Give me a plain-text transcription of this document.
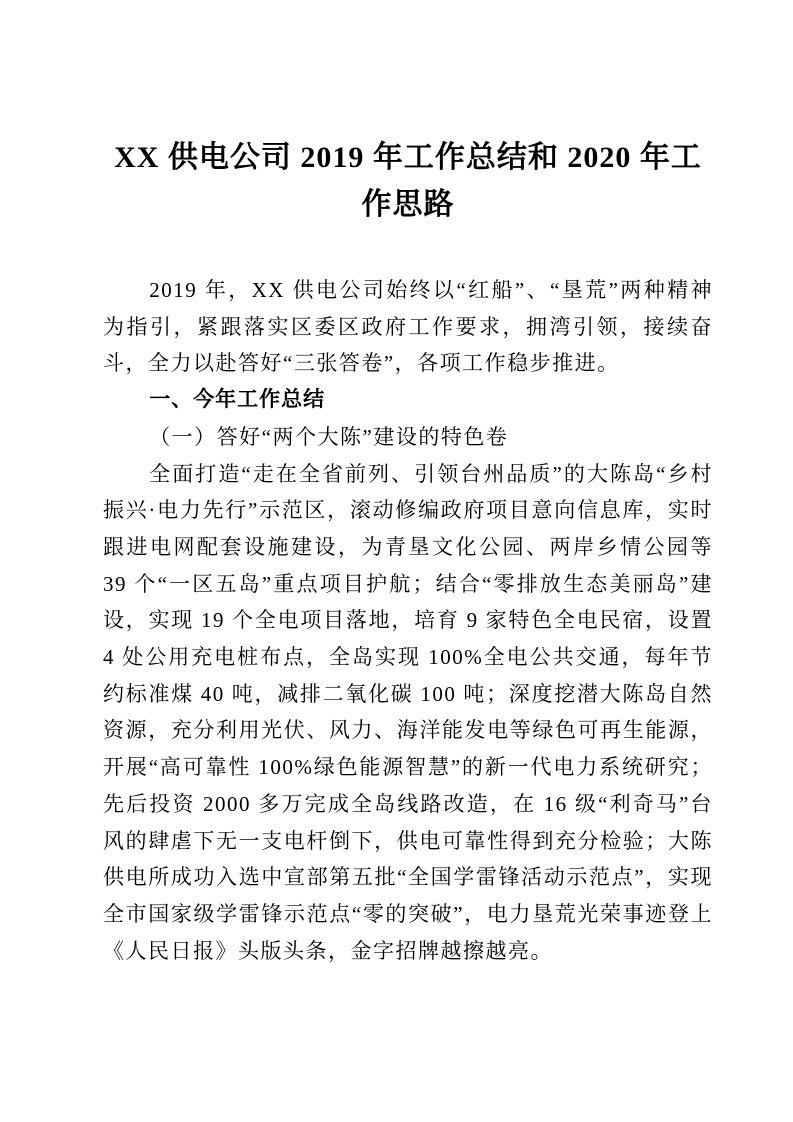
XX 供电公司 2019 年工作总结和 2020 年工作思路

2019 年，XX 供电公司始终以“红船”、“垦荒”两种精神为指引，紧跟落实区委区政府工作要求，拥湾引领，接续奋斗，全力以赴答好“三张答卷”，各项工作稳步推进。

一、今年工作总结
（一）答好“两个大陈”建设的特色卷

全面打造“走在全省前列、引领台州品质”的大陈岛“乡村振兴·电力先行”示范区，滚动修编政府项目意向信息库，实时跟进电网配套设施建设，为青垦文化公园、两岸乡情公园等 39 个“一区五岛”重点项目护航；结合“零排放生态美丽岛”建设，实现 19 个全电项目落地，培育 9 家特色全电民宿，设置 4 处公用充电桩布点，全岛实现 100%全电公共交通，每年节约标准煤 40 吨，减排二氧化碳 100 吨；深度挖潜大陈岛自然资源，充分利用光伏、风力、海洋能发电等绿色可再生能源，开展“高可靠性 100%绿色能源智慧”的新一代电力系统研究；先后投资 2000 多万完成全岛线路改造，在 16 级“利奇马”台风的肆虐下无一支电杆倒下，供电可靠性得到充分检验；大陈供电所成功入选中宣部第五批“全国学雷锋活动示范点”，实现全市国家级学雷锋示范点“零的突破”，电力垦荒光荣事迹登上《人民日报》头版头条，金字招牌越擦越亮。
